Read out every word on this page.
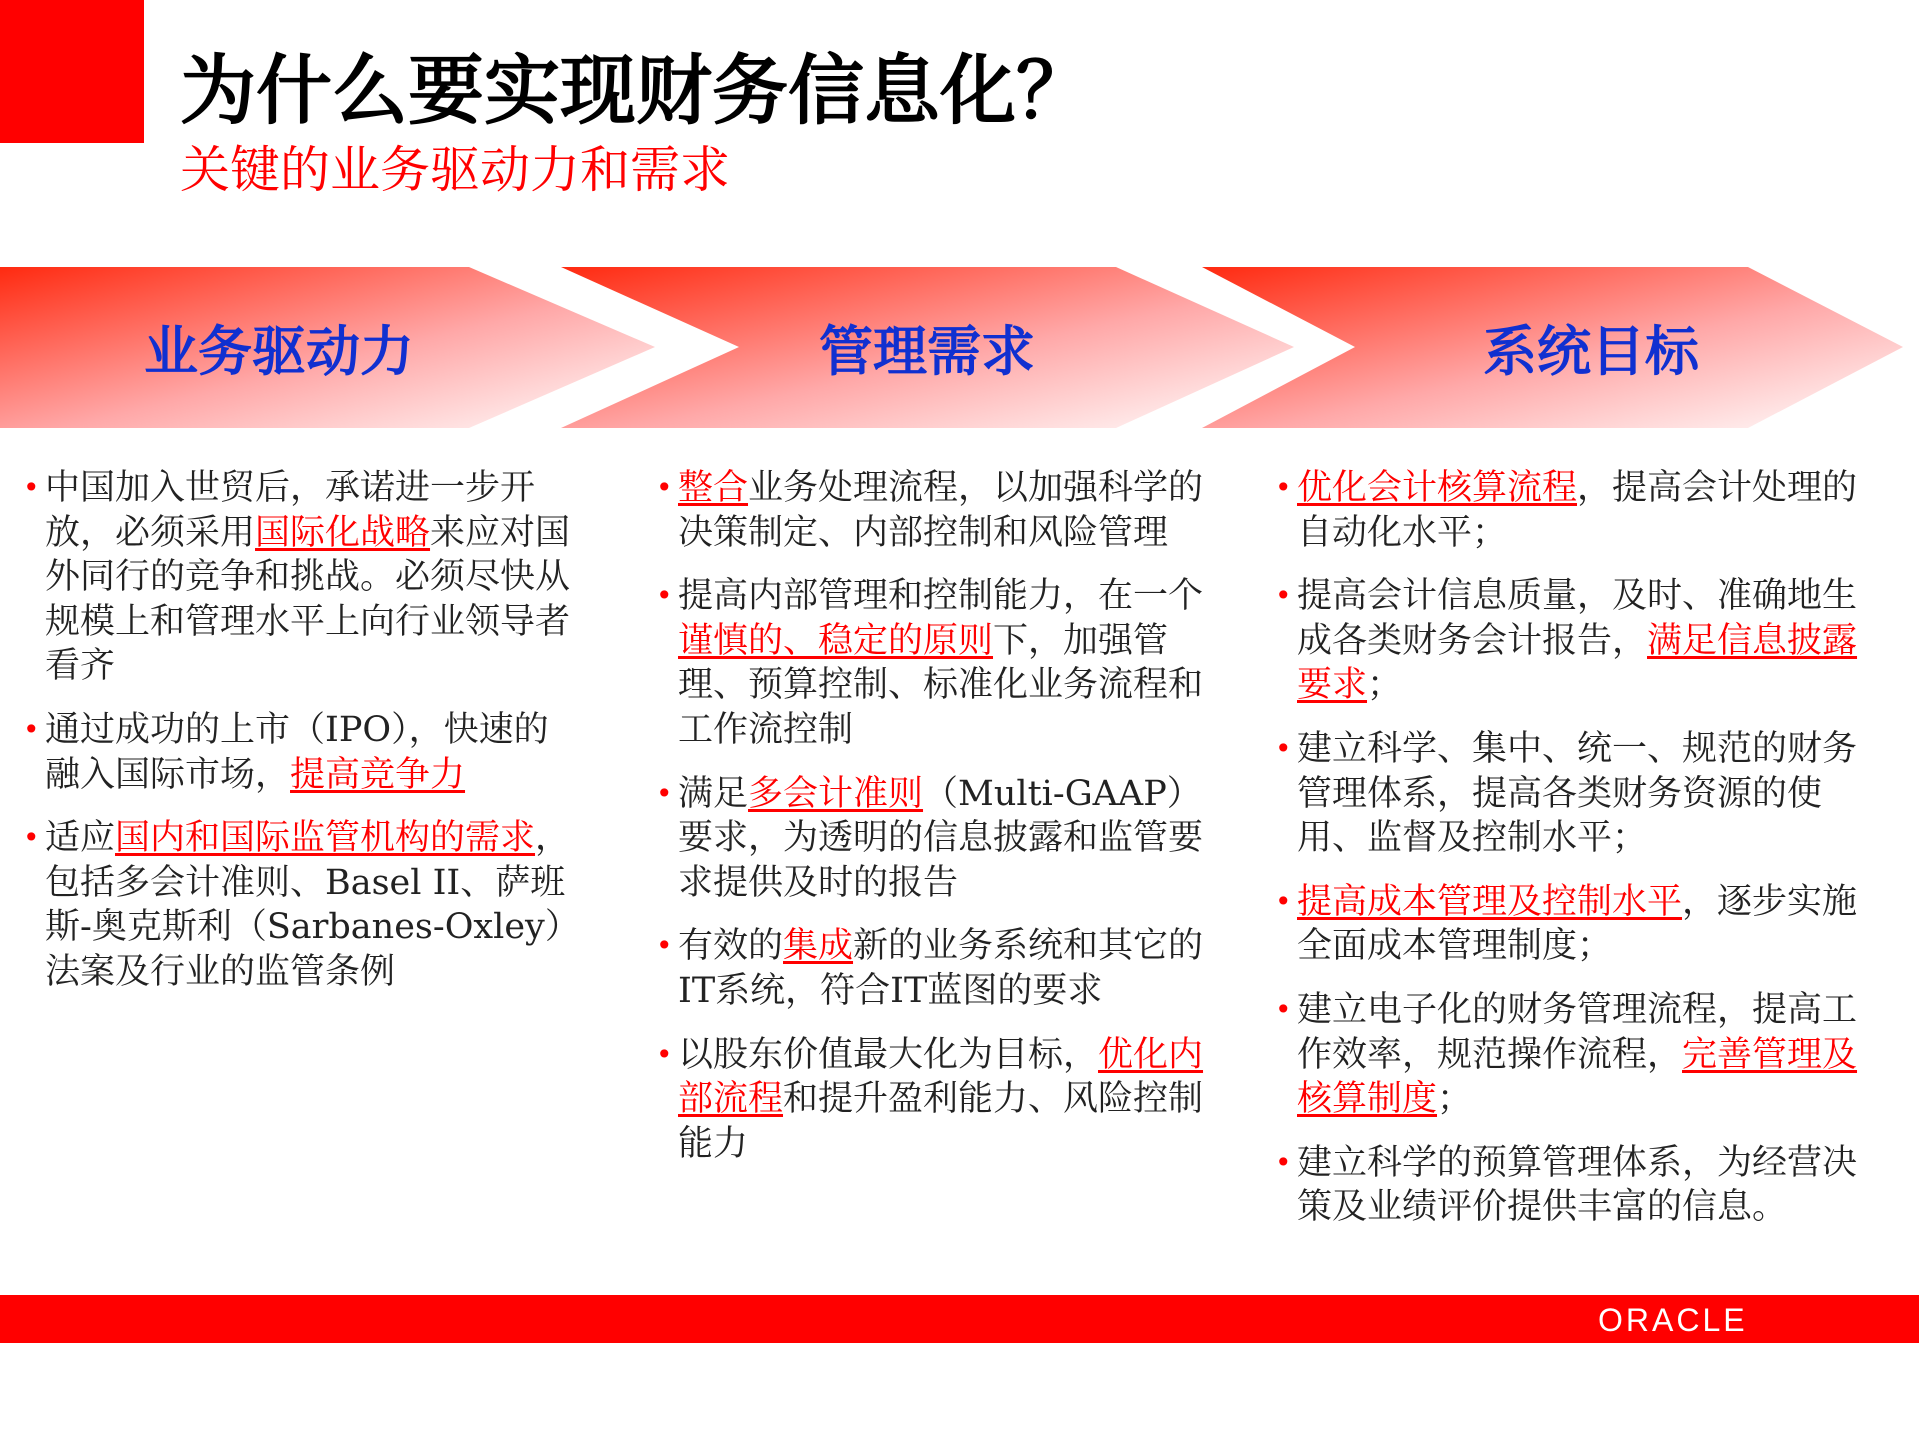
为什么要实现财务信息化？
关键的业务驱动力和需求
业务驱动力	管理需求	系统目标
• 中国加入世贸后，承诺进一步开放，必须采用国际化战略来应对国外同行的竞争和挑战。必须尽快从规模上和管理水平上向行业领导者看齐
• 通过成功的上市（IPO），快速的融入国际市场，提高竞争力
• 适应国内和国际监管机构的需求，包括多会计准则、Basel II、萨班斯-奥克斯利（Sarbanes-Oxley）法案及行业的监管条例
• 整合业务处理流程，以加强科学的决策制定、内部控制和风险管理
• 提高内部管理和控制能力，在一个谨慎的、稳定的原则下，加强管理、预算控制、标准化业务流程和工作流控制
• 满足多会计准则（Multi-GAAP）要求，为透明的信息披露和监管要求提供及时的报告
• 有效的集成新的业务系统和其它的IT系统，符合IT蓝图的要求
• 以股东价值最大化为目标，优化内部流程和提升盈利能力、风险控制能力
• 优化会计核算流程，提高会计处理的自动化水平；
• 提高会计信息质量，及时、准确地生成各类财务会计报告，满足信息披露要求；
• 建立科学、集中、统一、规范的财务管理体系，提高各类财务资源的使用、监督及控制水平；
• 提高成本管理及控制水平，逐步实施全面成本管理制度；
• 建立电子化的财务管理流程，提高工作效率，规范操作流程，完善管理及核算制度；
• 建立科学的预算管理体系，为经营决策及业绩评价提供丰富的信息。
ORACLE
